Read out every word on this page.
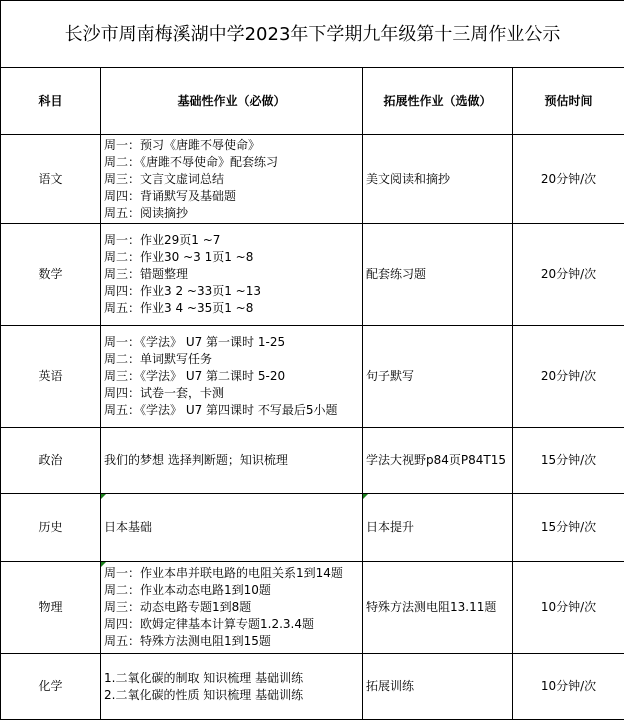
长沙市周南梅溪湖中学2023年下学期九年级第十三周作业公示			
科目	基础性作业（必做）	拓展性作业（选做）	预估时间
语文	周一：预习《唐雎不辱使命》
周二：《唐雎不辱使命》配套练习
周三：文言文虚词总结
周四：背诵默写及基础题
周五：阅读摘抄	美文阅读和摘抄	20分钟/次
数学	周一：作业29页1 ~7
周二：作业30 ~3 1页1 ~8
周三：错题整理
周四：作业3 2 ~33页1 ~13
周五：作业3 4 ~35页1 ~8	配套练习题	20分钟/次
英语	周一：《学法》 U7 第一课时 1-25
周二：单词默写任务
周三：《学法》 U7 第二课时 5-20
周四：试卷一套，卡测
周五：《学法》 U7 第四课时 不写最后5小题	句子默写	20分钟/次
政治	我们的梦想 选择判断题；知识梳理	学法大视野p84页P84T15	15分钟/次
历史	日本基础	日本提升	15分钟/次
物理	周一：作业本串并联电路的电阻关系1到14题
周二：作业本动态电路1到10题
周三：动态电路专题1到8题
周四：欧姆定律基本计算专题1.2.3.4题
周五：特殊方法测电阻1到15题	特殊方法测电阻13.11题	10分钟/次
化学	1.二氧化碳的制取 知识梳理 基础训练
2.二氧化碳的性质 知识梳理 基础训练	拓展训练	10分钟/次
